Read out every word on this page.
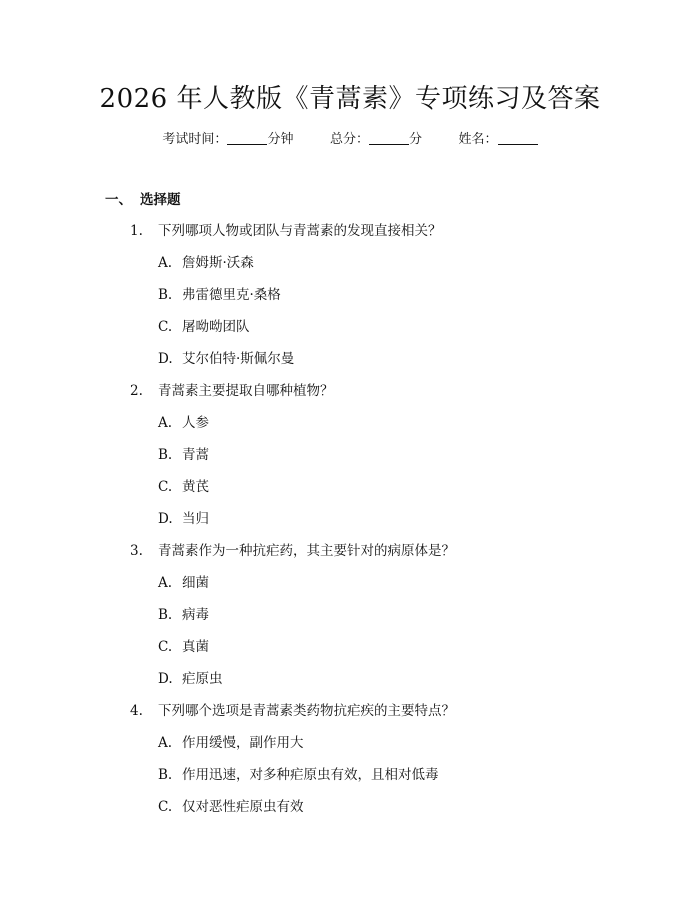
2026 年人教版《青蒿素》专项练习及答案
考试时间：	分钟	总分：	分	姓名：
一、 选择题
1. 下列哪项人物或团队与青蒿素的发现直接相关？
A. 詹姆斯·沃森
B. 弗雷德里克·桑格
C. 屠呦呦团队
D. 艾尔伯特·斯佩尔曼
2. 青蒿素主要提取自哪种植物？
A. 人参
B. 青蒿
C. 黄芪
D. 当归
3. 青蒿素作为一种抗疟药，其主要针对的病原体是？
A. 细菌
B. 病毒
C. 真菌
D. 疟原虫
4. 下列哪个选项是青蒿素类药物抗疟疾的主要特点？
A. 作用缓慢，副作用大
B. 作用迅速，对多种疟原虫有效，且相对低毒
C. 仅对恶性疟原虫有效
